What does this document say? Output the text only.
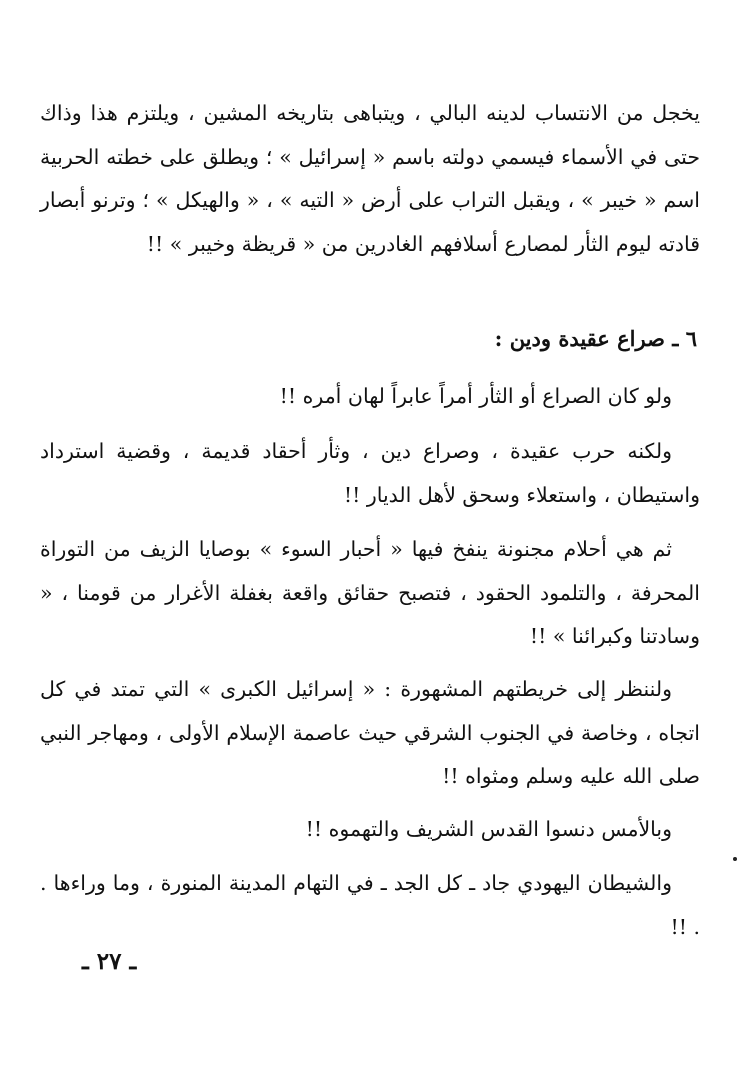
يخجل من الانتساب لدينه البالي ، ويتباهى بتاريخه المشين ، ويلتزم هذا وذاك حتى في الأسماء فيسمي دولته باسم « إسرائيل » ؛ ويطلق على خطته الحربية اسم « خيبر » ، ويقبل التراب على أرض « التيه » ، « والهيكل » ؛ وترنو أبصار قادته ليوم الثأر لمصارع أسلافهم الغادرين من « قريظة وخيبر » !!

٦ ـ صراع عقيدة ودين :

ولو كان الصراع أو الثأر أمراً عابراً لهان أمره !!

ولكنه حرب عقيدة ، وصراع دين ، وثأر أحقاد قديمة ، وقضية استرداد واستيطان ، واستعلاء وسحق لأهل الديار !!

ثم هي أحلام مجنونة ينفخ فيها « أحبار السوء » بوصايا الزيف من التوراة المحرفة ، والتلمود الحقود ، فتصبح حقائق واقعة بغفلة الأغرار من قومنا ، « وسادتنا وكبرائنا » !!

ولننظر إلى خريطتهم المشهورة : « إسرائيل الكبرى » التي تمتد في كل اتجاه ، وخاصة في الجنوب الشرقي حيث عاصمة الإسلام الأولى ، ومهاجر النبي صلى الله عليه وسلم ومثواه !!

وبالأمس دنسوا القدس الشريف والتهموه !!

والشيطان اليهودي جاد ـ كل الجد ـ في التهام المدينة المنورة ، وما وراءها . . !!

ـ ٢٧ ـ
